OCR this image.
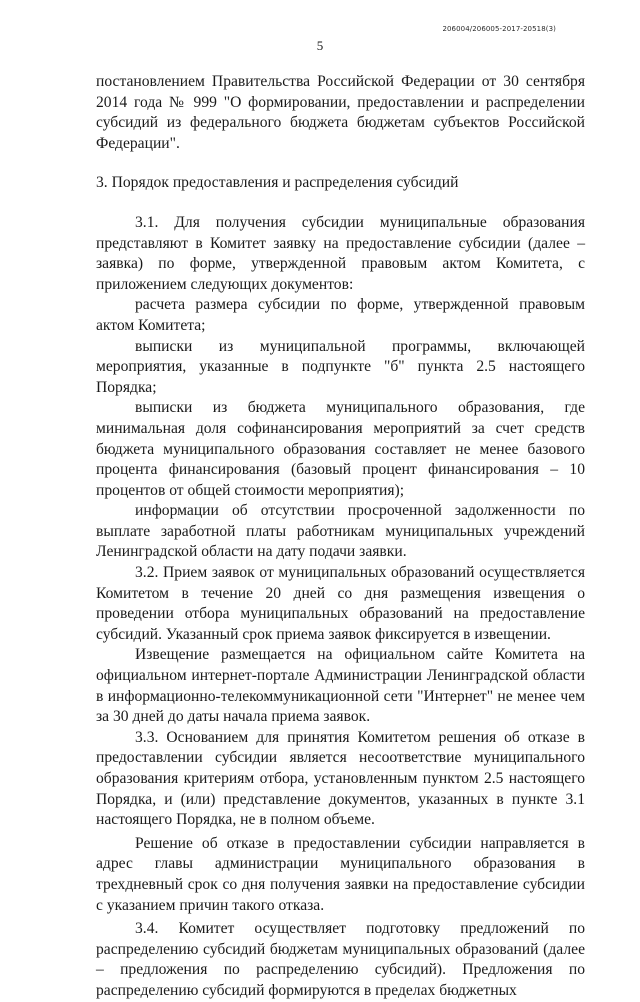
206004/206005-2017-20518(3)
5

постановлением Правительства Российской Федерации от 30 сентября 2014 года № 999 "О формировании, предоставлении и распределении субсидий из федерального бюджета бюджетам субъектов Российской Федерации".

3. Порядок предоставления и распределения субсидий

3.1. Для получения субсидии муниципальные образования представляют в Комитет заявку на предоставление субсидии (далее – заявка) по форме, утвержденной правовым актом Комитета, с приложением следующих документов:

расчета размера субсидии по форме, утвержденной правовым актом Комитета;

выписки из муниципальной программы, включающей мероприятия, указанные в подпункте "б" пункта 2.5 настоящего Порядка;

выписки из бюджета муниципального образования, где минимальная доля софинансирования мероприятий за счет средств бюджета муниципального образования составляет не менее базового процента финансирования (базовый процент финансирования – 10 процентов от общей стоимости мероприятия);

информации об отсутствии просроченной задолженности по выплате заработной платы работникам муниципальных учреждений Ленинградской области на дату подачи заявки.

3.2. Прием заявок от муниципальных образований осуществляется Комитетом в течение 20 дней со дня размещения извещения о проведении отбора муниципальных образований на предоставление субсидий. Указанный срок приема заявок фиксируется в извещении.

Извещение размещается на официальном сайте Комитета на официальном интернет-портале Администрации Ленинградской области в информационно-телекоммуникационной сети "Интернет" не менее чем за 30 дней до даты начала приема заявок.

3.3. Основанием для принятия Комитетом решения об отказе в предоставлении субсидии является несоответствие муниципального образования критериям отбора, установленным пунктом 2.5 настоящего Порядка, и (или) представление документов, указанных в пункте 3.1 настоящего Порядка, не в полном объеме.

Решение об отказе в предоставлении субсидии направляется в адрес главы администрации муниципального образования в трехдневный срок со дня получения заявки на предоставление субсидии с указанием причин такого отказа.

3.4. Комитет осуществляет подготовку предложений по распределению субсидий бюджетам муниципальных образований (далее – предложения по распределению субсидий). Предложения по распределению субсидий формируются в пределах бюджетных
